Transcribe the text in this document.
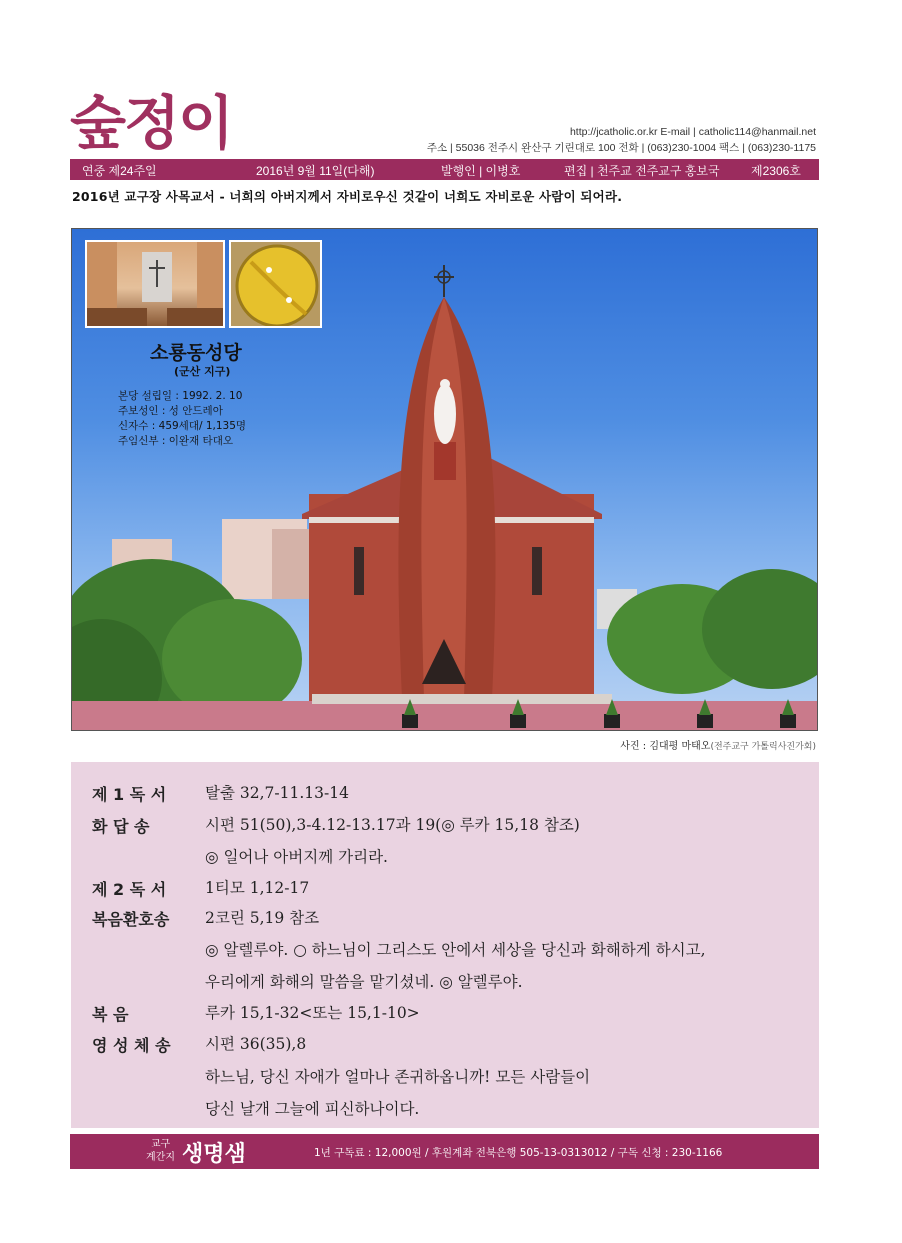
숲정이	http://jcatholic.or.kr E-mail | catholic114@hanmail.net
주소 | 55036 전주시 완산구 기린대로 100 전화 | (063)230-1004 팩스 | (063)230-1175
연중 제24주일	2016년 9월 11일(다해)	발행인 | 이병호	편집 | 천주교 전주교구 홍보국	제2306호
2016년 교구장 사목교서 - 너희의 아버지께서 자비로우신 것같이 너희도 자비로운 사람이 되어라.
소룡동성당
(군산 지구)
본당 설립일 : 1992. 2. 10
주보성인 : 성 안드레아
신자수 : 459세대/ 1,135명
주임신부 : 이완재 타대오
사진 : 김대평 마태오(전주교구 가톨릭사진가회)
제 1 독 서	탈출 32,7-11.13-14
화 답 송	시편 51(50),3-4.12-13.17과 19(◎ 루카 15,18 참조)
◎ 일어나 아버지께 가리라.
제 2 독 서	1티모 1,12-17
복음환호송 2코린 5,19 참조
◎ 알렐루야. ○ 하느님이 그리스도 안에서 세상을 당신과 화해하게 하시고,
우리에게 화해의 말씀을 맡기셨네. ◎ 알렐루야.
복 음	루카 15,1-32<또는 15,1-10>
영 성 체 송 시편 36(35),8
하느님, 당신 자애가 얼마나 존귀하옵니까! 모든 사람들이
당신 날개 그늘에 피신하나이다.
교구
계간지 생명샘	1년 구독료 : 12,000원 / 후원계좌 전북은행 505-13-0313012 / 구독 신청 : 230-1166
